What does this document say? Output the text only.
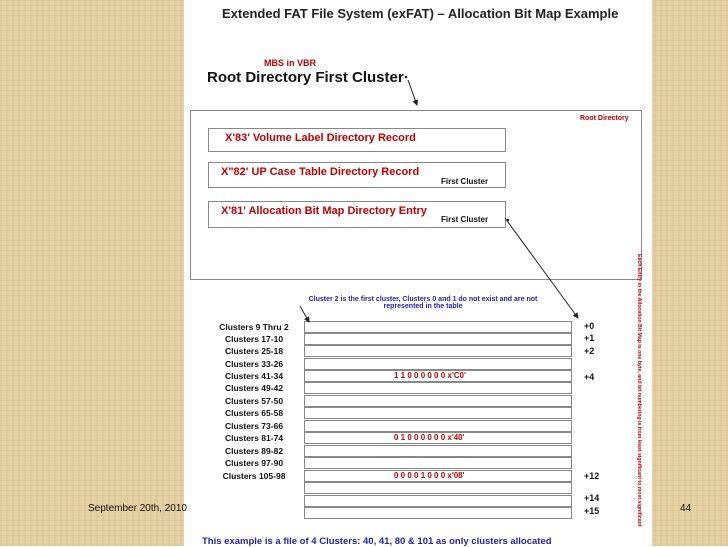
Extended FAT File System (exFAT) – Allocation Bit Map Example
MBS in VBR
Root Directory First Cluster
Root Directory
X'83' Volume Label Directory Record
X"82' UP Case Table Directory Record
First Cluster
X'81' Allocation Bit Map Directory Entry
First Cluster
Each Entry in the Allocation Bit Map is one byte, and bit numbering is from least significant to most significant
Cluster 2 is the first cluster, Clusters 0 and 1 do not exist and are not represented in the table
Clusters 9 Thru 2
Clusters 17-10
Clusters 25-18
Clusters 33-26
Clusters 41-34
Clusters 49-42
Clusters 57-50
Clusters 65-58
Clusters 73-66
Clusters 81-74
Clusters 89-82
Clusters 97-90
Clusters 105-98
1 1 0 0 0 0 0 0 x'C0'
0 1 0 0 0 0 0 0 x'40'
0 0 0 0 1 0 0 0 x'08'
+0
+1
+2
+4
+12
+14
+15
September 20th, 2010	44
This example is a file of 4 Clusters: 40, 41, 80 & 101 as only clusters allocated
